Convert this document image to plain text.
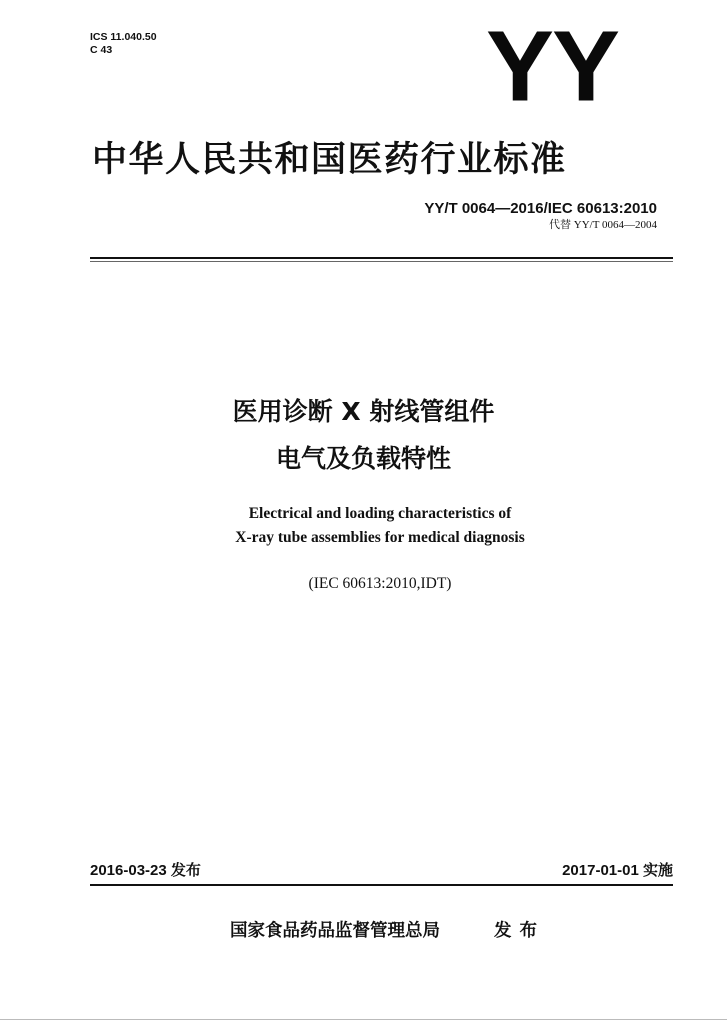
ICS 11.040.50
C 43	YY
中华人民共和国医药行业标准
YY/T 0064—2016/IEC 60613:2010
代替 YY/T 0064—2004
医用诊断 X 射线管组件
电气及负载特性
Electrical and loading characteristics of
X-ray tube assemblies for medical diagnosis
(IEC 60613:2010,IDT)
2016-03-23 发布	2017-01-01 实施
国家食品药品监督管理总局	发布
